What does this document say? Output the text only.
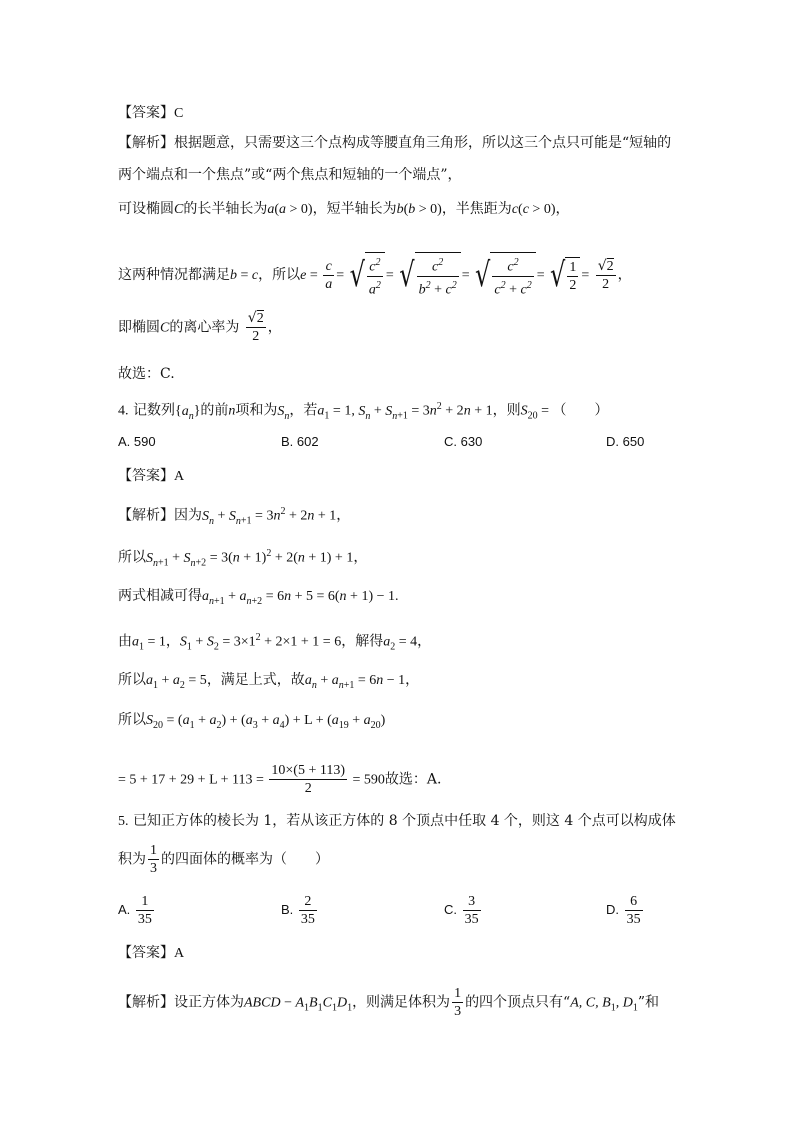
【答案】C
【解析】根据题意，只需要这三个点构成等腰直角三角形，所以这三个点只可能是“短轴的
两个端点和一个焦点”或“两个焦点和短轴的一个端点”，
可设椭圆C的长半轴长为a(a > 0)，短半轴长为b(b > 0)，半焦距为c(c > 0)，
这两种情况都满足b = c，所以$e = \frac{c}{a}$ = √ $\frac{c^2}{a^2}$ = √ $\frac{c^2}{b^2 + c^2}$ = √ $\frac{c^2}{c^2 + c^2}$ = √ $\frac{1}{2} = \frac{√2}{2}$ ，
即椭圆C的离心率为 $\frac{√2}{2}$ ，
故选：C.
4. 记数列$\{a_n\}$的前n项和为$S_n$，若$a_1 = 1$, $S_n + S_{n+1} = 3n^2 + 2n + 1$，则$S_{20}$ = （　　）
A. 590	B. 602	C. 630	D. 650
【答案】A
【解析】因为$S_n + S_{n+1} = 3n^2 + 2n + 1$，
所以$S_{n+1} + S_{n+2} = 3(n + 1)^2 + 2(n + 1) + 1$，
两式相减可得$a_{n+1} + a_{n+2} = 6n + 5 = 6(n + 1) - 1$.
由$a_1 = 1$，$S_1 + S_2 = 3\times 1^2 + 2\times 1 + 1 = 6$，解得$a_2 = 4$，
所以$a_1 + a_2 = 5$，满足上式，故$a_n + a_{n+1} = 6n - 1$，
所以$S_{20} = (a_1 + a_2) + (a_3 + a_4) + L + (a_{19} + a_{20})$
= $5 + 17 + 29 + L + 113 = \frac{10\times(5 + 113)}{2} = 590$故选：A.
5. 已知正方体的棱长为 1，若从该正方体的 8 个顶点中任取 4 个，则这 4 个点可以构成体
积为 $\frac{1}{3}$ 的四面体的概率为（　　）
A. $\frac{1}{35}$	B. $\frac{2}{35}$	C. $\frac{3}{35}$	D. $\frac{6}{35}$
【答案】A
【解析】设正方体为ABCD − $A_1B_1C_1D_1$，则满足体积为 $\frac{1}{3}$ 的四个顶点只有“A, C, $B_1$, $D_1$”和
